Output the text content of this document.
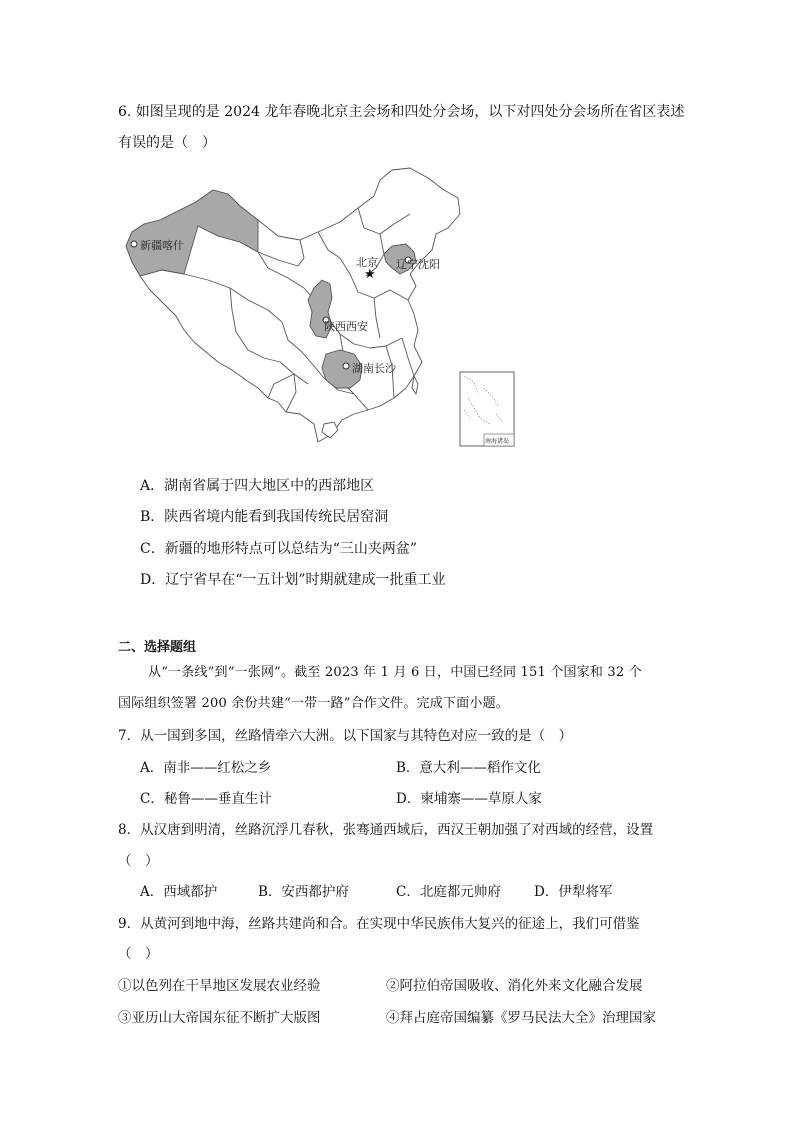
6. 如图呈现的是 2024 龙年春晚北京主会场和四处分会场，以下对四处分会场所在省区表述
有误的是（　）
新疆喀什
★
北京 辽宁沈阳
陕西西安
湖南长沙
南海诸岛
A．湖南省属于四大地区中的西部地区
B．陕西省境内能看到我国传统民居窑洞
C．新疆的地形特点可以总结为“三山夹两盆”
D．辽宁省早在“一五计划”时期就建成一批重工业
二、选择题组
从“一条线”到“一张网”。截至 2023 年 1 月 6 日，中国已经同 151 个国家和 32 个
国际组织签署 200 余份共建“一带一路”合作文件。完成下面小题。
7．从一国到多国，丝路情牵六大洲。以下国家与其特色对应一致的是（　）
A．南非——红松之乡	B．意大利——稻作文化
C．秘鲁——垂直生计	D．柬埔寨——草原人家
8．从汉唐到明清，丝路沉浮几春秋，张骞通西域后，西汉王朝加强了对西域的经营，设置
（　）
A．西域都护	B．安西都护府	C．北庭都元帅府 D．伊犁将军
9．从黄河到地中海，丝路共建尚和合。在实现中华民族伟大复兴的征途上，我们可借鉴
（　）
①以色列在干旱地区发展农业经验	②阿拉伯帝国吸收、消化外来文化融合发展
③亚历山大帝国东征不断扩大版图	④拜占庭帝国编纂《罗马民法大全》治理国家
